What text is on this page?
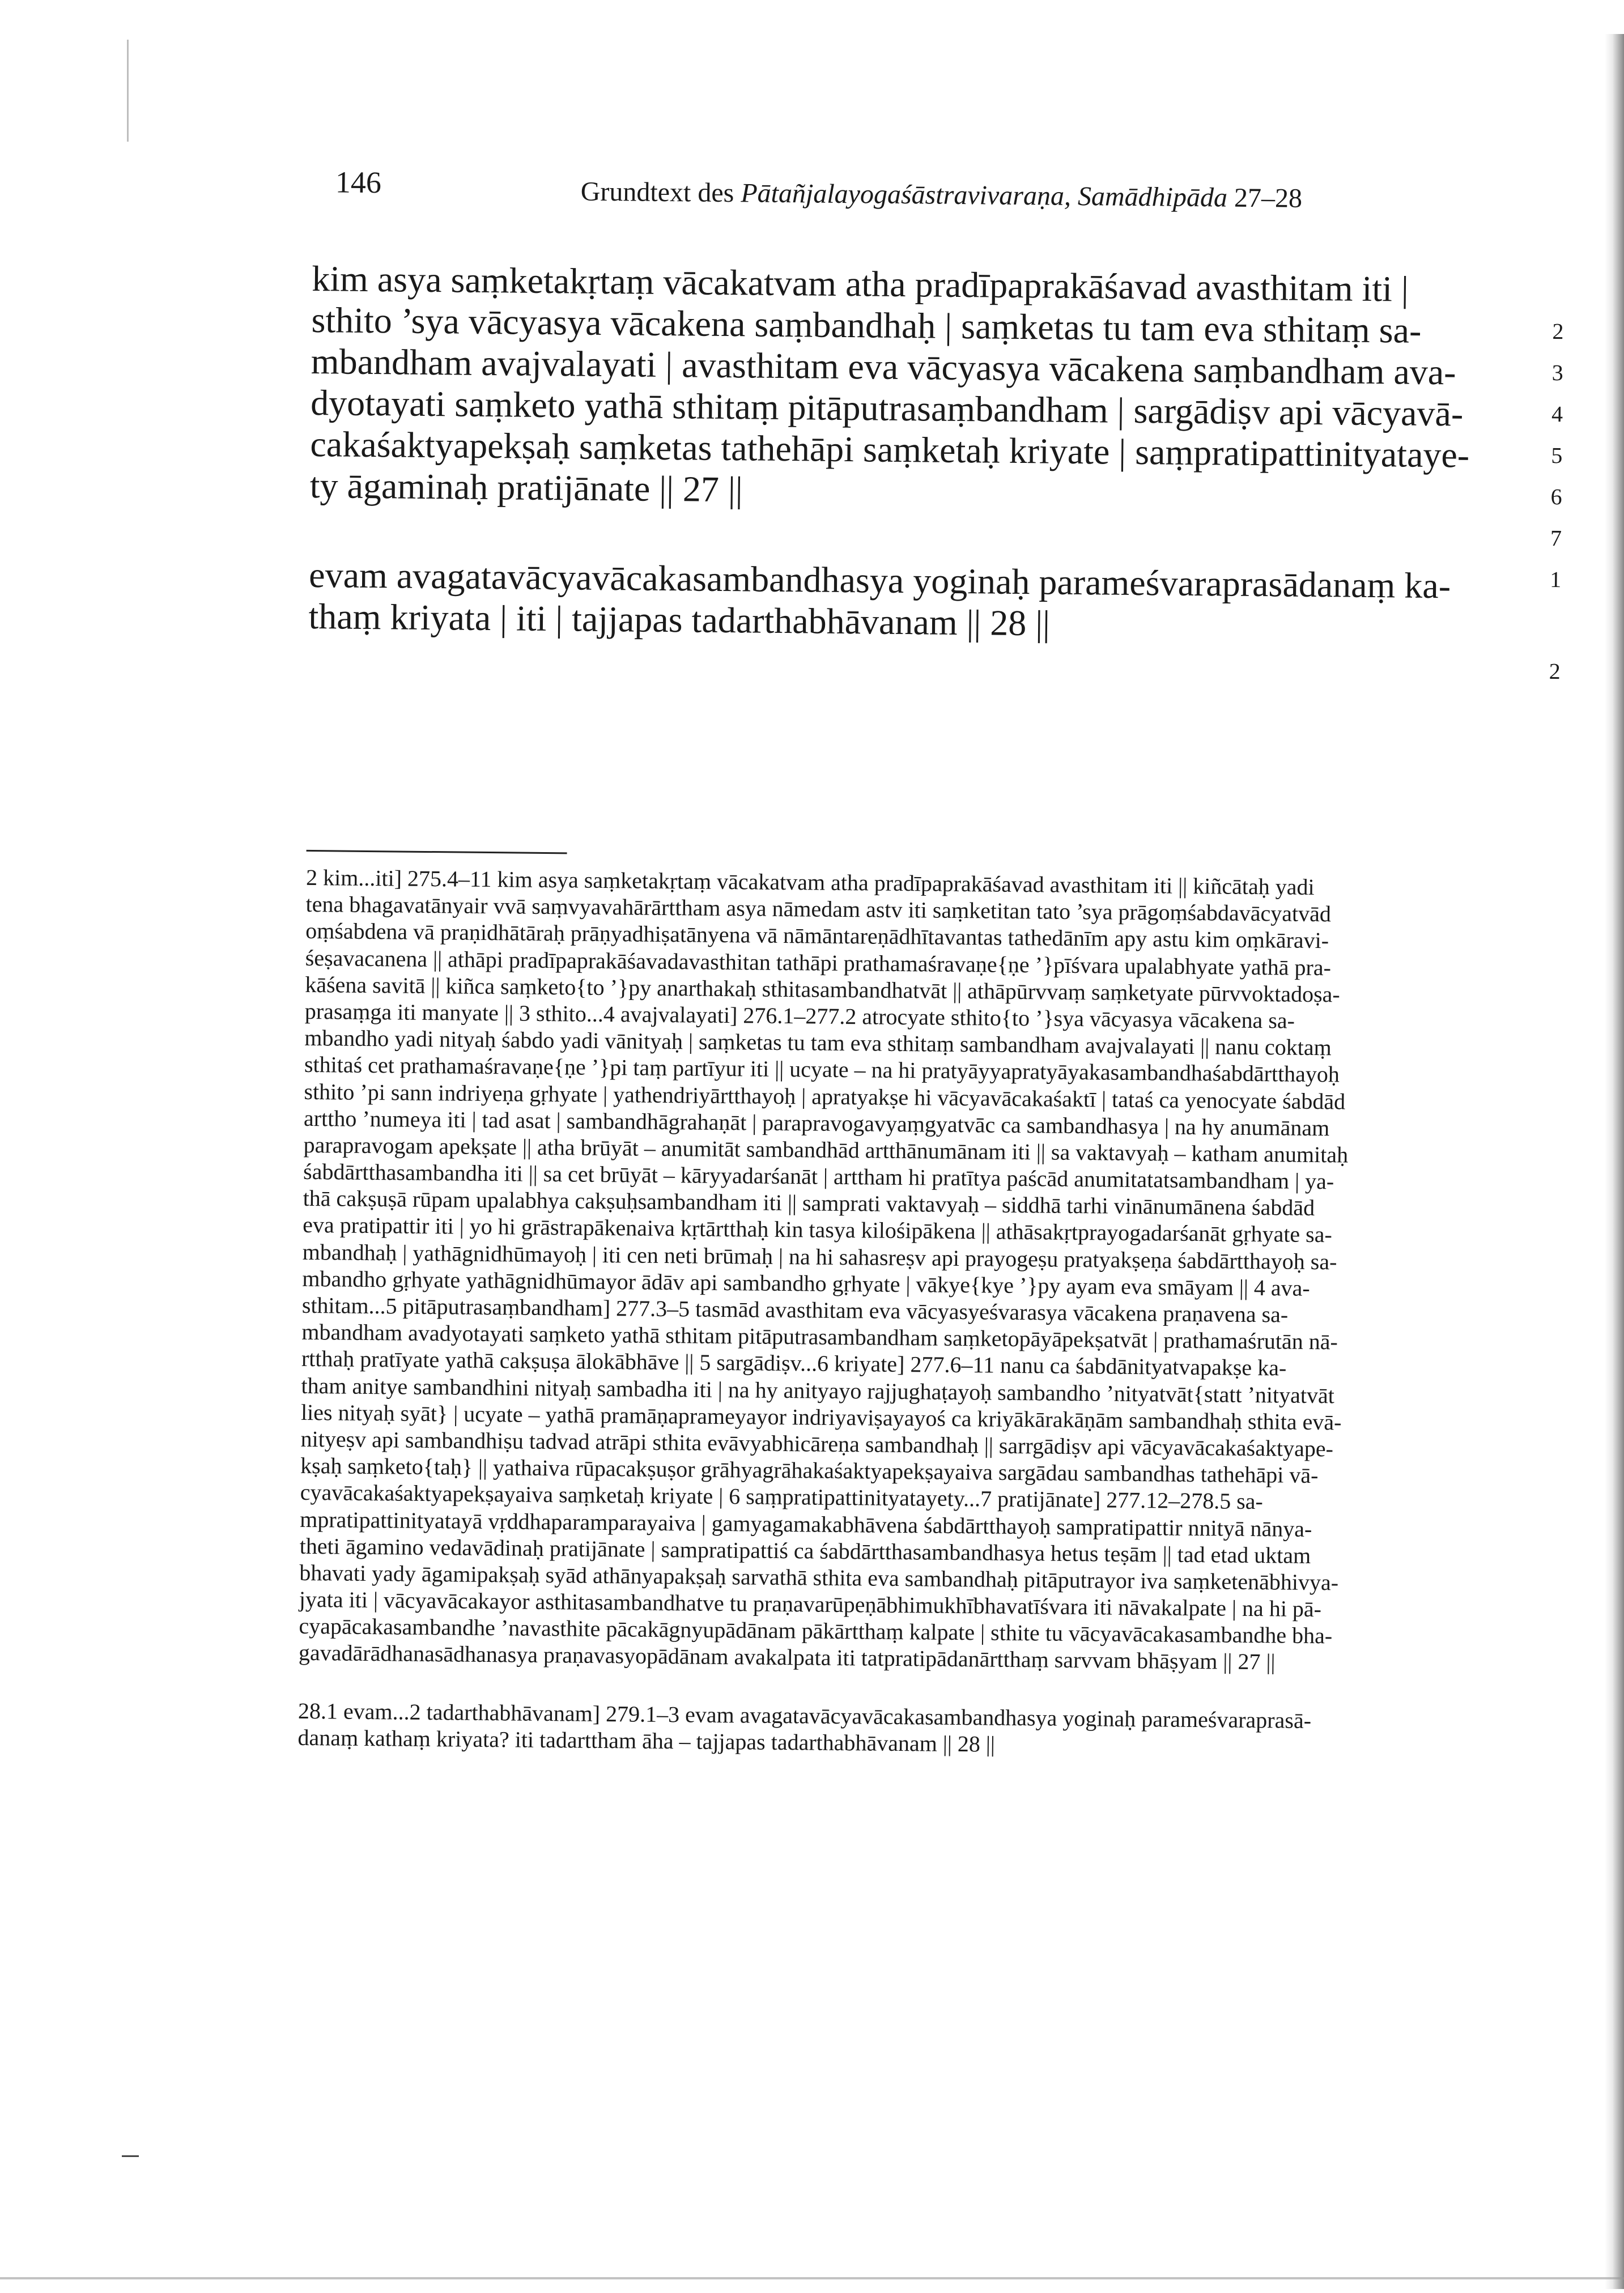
146	Grundtext des Pātañjalayogaśāstravivaraṇa, Samādhipāda 27–28
kim asya saṃketakṛtaṃ vācakatvam atha pradīpaprakāśavad avasthitam iti |
sthito ’sya vācyasya vācakena saṃbandhaḥ | saṃketas tu tam eva sthitaṃ sa-
mbandham avajvalayati | avasthitam eva vācyasya vācakena saṃbandham ava-
dyotayati saṃketo yathā sthitaṃ pitāputrasaṃbandham | sargādiṣv api vācyavā-
cakaśaktyapekṣaḥ saṃketas tathehāpi saṃketaḥ kriyate | saṃpratipattinityataye-
ty āgaminaḥ pratijānate || 27 ||
evam avagatavācyavācakasambandhasya yoginaḥ parameśvaraprasādanaṃ ka-
thaṃ kriyata | iti | tajjapas tadarthabhāvanam || 28 ||
2
3
4
5
6
7
1
2
2 kim...iti] 275.4–11 kim asya saṃketakṛtaṃ vācakatvam atha pradīpaprakāśavad avasthitam iti || kiñcātaḥ yadi
tena bhagavatānyair vvā saṃvyavahārārttham asya nāmedam astv iti saṃketitan tato ’sya prāgoṃśabdavācyatvād
oṃśabdena vā praṇidhātāraḥ prāṇyadhiṣatānyena vā nāmāntareṇādhītavantas tathedānīm apy astu kim oṃkāravi-
śeṣavacanena || athāpi pradīpaprakāśavadavasthitan tathāpi prathamaśravaṇe{ṇe ’}pīśvara upalabhyate yathā pra-
kāśena savitā || kiñca saṃketo{to ’}py anarthakaḥ sthitasambandhatvāt || athāpūrvvaṃ saṃketyate pūrvvoktadoṣa-
prasaṃga iti manyate || 3 sthito...4 avajvalayati] 276.1–277.2 atrocyate sthito{to ’}sya vācyasya vācakena sa-
mbandho yadi nityaḥ śabdo yadi vānityaḥ | saṃketas tu tam eva sthitaṃ sambandham avajvalayati || nanu coktaṃ
sthitaś cet prathamaśravaṇe{ṇe ’}pi taṃ partīyur iti || ucyate – na hi pratyāyyapratyāyakasambandhaśabdārtthayoḥ
sthito ’pi sann indriyeṇa gṛhyate | yathendriyārtthayoḥ | apratyakṣe hi vācyavācakaśaktī | tataś ca yenocyate śabdād
arttho ’numeya iti | tad asat | sambandhāgrahaṇāt | parapravogavyaṃgyatvāc ca sambandhasya | na hy anumānam
parapravogam apekṣate || atha brūyāt – anumitāt sambandhād artthānumānam iti || sa vaktavyaḥ – katham anumitaḥ
śabdārtthasambandha iti || sa cet brūyāt – kāryyadarśanāt | arttham hi pratītya paścād anumitatatsambandham | ya-
thā cakṣuṣā rūpam upalabhya cakṣuḥsambandham iti || samprati vaktavyaḥ – siddhā tarhi vinānumānena śabdād
eva pratipattir iti | yo hi grāstrapākenaiva kṛtārtthaḥ kin tasya kilośipākena || athāsakṛtprayogadarśanāt gṛhyate sa-
mbandhaḥ | yathāgnidhūmayoḥ | iti cen neti brūmaḥ | na hi sahasreṣv api prayogeṣu pratyakṣeṇa śabdārtthayoḥ sa-
mbandho gṛhyate yathāgnidhūmayor ādāv api sambandho gṛhyate | vākye{kye ’}py ayam eva smāyam || 4 ava-
sthitam...5 pitāputrasaṃbandham] 277.3–5 tasmād avasthitam eva vācyasyeśvarasya vācakena praṇavena sa-
mbandham avadyotayati saṃketo yathā sthitam pitāputrasambandham saṃketopāyāpekṣatvāt | prathamaśrutān nā-
rtthaḥ pratīyate yathā cakṣuṣa ālokābhāve || 5 sargādiṣv...6 kriyate] 277.6–11 nanu ca śabdānityatvapakṣe ka-
tham anitye sambandhini nityaḥ sambadha iti | na hy anityayo rajjughaṭayoḥ sambandho ’nityatvāt{statt ’nityatvāt
lies nityaḥ syāt} | ucyate – yathā pramāṇaprameyayor indriyaviṣayayoś ca kriyākārakāṇām sambandhaḥ sthita evā-
nityeṣv api sambandhiṣu tadvad atrāpi sthita evāvyabhicāreṇa sambandhaḥ || sarrgādiṣv api vācyavācakaśaktyape-
kṣaḥ saṃketo{taḥ} || yathaiva rūpacakṣuṣor grāhyagrāhakaśaktyapekṣayaiva sargādau sambandhas tathehāpi vā-
cyavācakaśaktyapekṣayaiva saṃketaḥ kriyate | 6 saṃpratipattinityatayety...7 pratijānate] 277.12–278.5 sa-
mpratipattinityatayā vṛddhaparamparayaiva | gamyagamakabhāvena śabdārtthayoḥ sampratipattir nnityā nānya-
theti āgamino vedavādinaḥ pratijānate | sampratipattiś ca śabdārtthasambandhasya hetus teṣām || tad etad uktam
bhavati yady āgamipakṣaḥ syād athānyapakṣaḥ sarvathā sthita eva sambandhaḥ pitāputrayor iva saṃketenābhivya-
jyata iti | vācyavācakayor asthitasambandhatve tu praṇavarūpeṇābhimukhībhavatīśvara iti nāvakalpate | na hi pā-
cyapācakasambandhe ’navasthite pācakāgnyupādānam pākārtthaṃ kalpate | sthite tu vācyavācakasambandhe bha-
gavadārādhanasādhanasya praṇavasyopādānam avakalpata iti tatpratipādanārtthaṃ sarvvam bhāṣyam || 27 ||
28.1 evam...2 tadarthabhāvanam] 279.1–3 evam avagatavācyavācakasambandhasya yoginaḥ parameśvaraprasā-
danaṃ kathaṃ kriyata? iti tadarttham āha – tajjapas tadarthabhāvanam || 28 ||
